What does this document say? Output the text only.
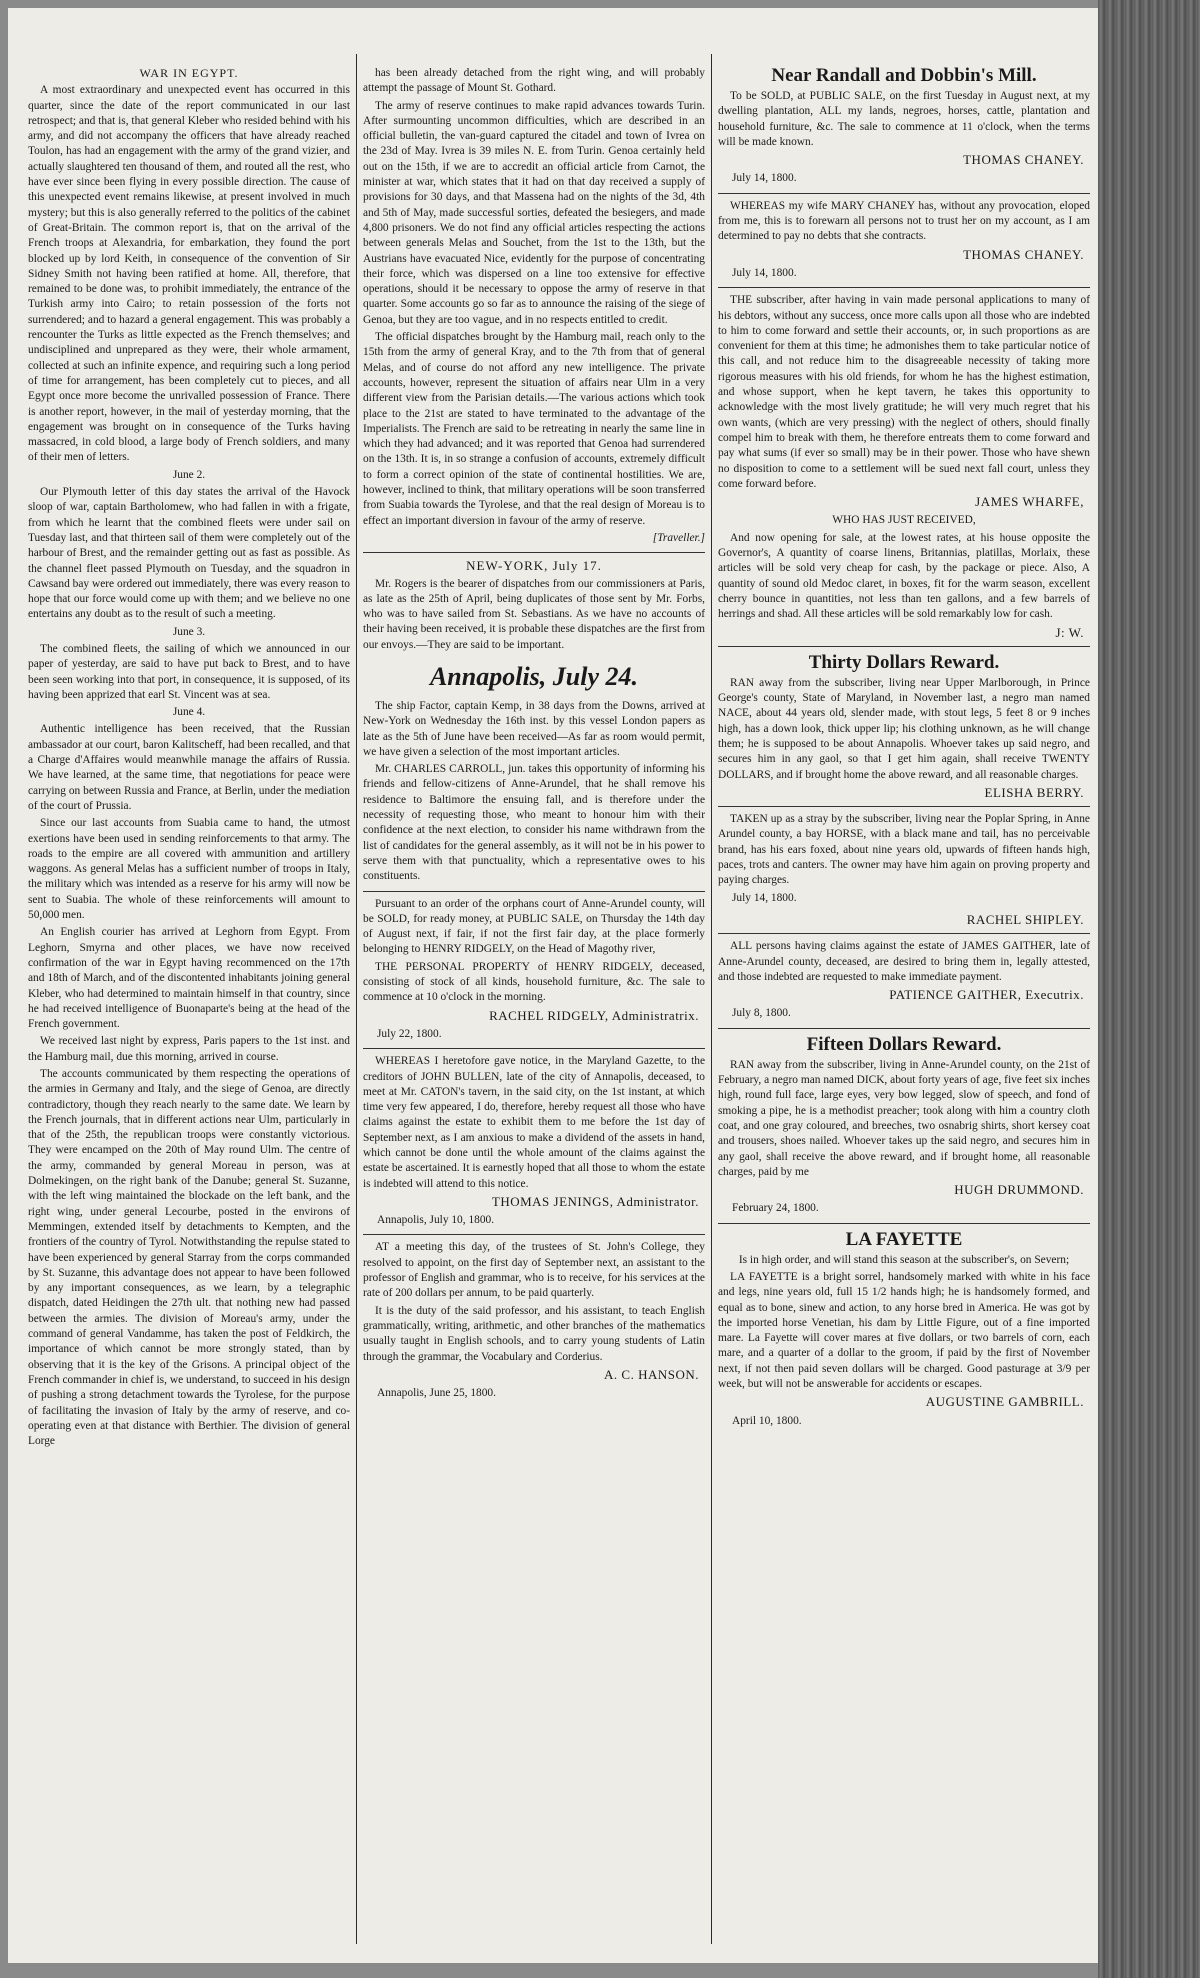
WAR IN EGYPT.

A most extraordinary and unexpected event has occurred in this quarter, since the date of the report communicated in our last retrospect; and that is, that general Kleber who resided behind with his army, and did not accompany the officers that have already reached Toulon, has had an engagement with the army of the grand vizier, and actually slaughtered ten thousand of them, and routed all the rest, who have ever since been flying in every possible direction. The cause of this unexpected event remains likewise, at present involved in much mystery; but this is also generally referred to the politics of the cabinet of Great-Britain. The common report is, that on the arrival of the French troops at Alexandria, for embarkation, they found the port blocked up by lord Keith, in consequence of the convention of Sir Sidney Smith not having been ratified at home. All, therefore, that remained to be done was, to prohibit immediately, the entrance of the Turkish army into Cairo; to retain possession of the forts not surrendered; and to hazard a general engagement. This was probably a rencounter the Turks as little expected as the French themselves; and undisciplined and unprepared as they were, their whole armament, collected at such an infinite expence, and requiring such a long period of time for arrangement, has been completely cut to pieces, and all Egypt once more become the unrivalled possession of France. There is another report, however, in the mail of yesterday morning, that the engagement was brought on in consequence of the Turks having massacred, in cold blood, a large body of French soldiers, and many of their men of letters.

June 2.

Our Plymouth letter of this day states the arrival of the Havock sloop of war, captain Bartholomew, who had fallen in with a frigate, from which he learnt that the combined fleets were under sail on Tuesday last, and that thirteen sail of them were completely out of the harbour of Brest, and the remainder getting out as fast as possible. As the channel fleet passed Plymouth on Tuesday, and the squadron in Cawsand bay were ordered out immediately, there was every reason to hope that our force would come up with them; and we believe no one entertains any doubt as to the result of such a meeting.

June 3.

The combined fleets, the sailing of which we announced in our paper of yesterday, are said to have put back to Brest, and to have been seen working into that port, in consequence, it is supposed, of its having been apprized that earl St. Vincent was at sea.

June 4.

Authentic intelligence has been received, that the Russian ambassador at our court, baron Kalitscheff, had been recalled, and that a Charge d'Affaires would meanwhile manage the affairs of Russia. We have learned, at the same time, that negotiations for peace were carrying on between Russia and France, at Berlin, under the mediation of the court of Prussia.

Since our last accounts from Suabia came to hand, the utmost exertions have been used in sending reinforcements to that army. The roads to the empire are all covered with ammunition and artillery waggons. As general Melas has a sufficient number of troops in Italy, the military which was intended as a reserve for his army will now be sent to Suabia. The whole of these reinforcements will amount to 50,000 men.

An English courier has arrived at Leghorn from Egypt. From Leghorn, Smyrna and other places, we have now received confirmation of the war in Egypt having recommenced on the 17th and 18th of March, and of the discontented inhabitants joining general Kleber, who had determined to maintain himself in that country, since he had received intelligence of Buonaparte's being at the head of the French government.

We received last night by express, Paris papers to the 1st inst. and the Hamburg mail, due this morning, arrived in course.

The accounts communicated by them respecting the operations of the armies in Germany and Italy, and the siege of Genoa, are directly contradictory, though they reach nearly to the same date. We learn by the French journals, that in different actions near Ulm, particularly in that of the 25th, the republican troops were constantly victorious. They were encamped on the 20th of May round Ulm. The centre of the army, commanded by general Moreau in person, was at Dolmekingen, on the right bank of the Danube; general St. Suzanne, with the left wing maintained the blockade on the left bank, and the right wing, under general Lecourbe, posted in the environs of Memmingen, extended itself by detachments to Kempten, and the frontiers of the country of Tyrol. Notwithstanding the repulse stated to have been experienced by general Starray from the corps commanded by St. Suzanne, this advantage does not appear to have been followed by any important consequences, as we learn, by a telegraphic dispatch, dated Heidingen the 27th ult. that nothing new had passed between the armies. The division of Moreau's army, under the command of general Vandamme, has taken the post of Feldkirch, the importance of which cannot be more strongly stated, than by observing that it is the key of the Grisons. A principal object of the French commander in chief is, we understand, to succeed in his design of pushing a strong detachment towards the Tyrolese, for the purpose of facilitating the invasion of Italy by the army of reserve, and co-operating even at that distance with Berthier. The division of general Lorge

has been already detached from the right wing, and will probably attempt the passage of Mount St. Gothard.

The army of reserve continues to make rapid advances towards Turin. After surmounting uncommon difficulties, which are described in an official bulletin, the van-guard captured the citadel and town of Ivrea on the 23d of May. Ivrea is 39 miles N. E. from Turin. Genoa certainly held out on the 15th, if we are to accredit an official article from Carnot, the minister at war, which states that it had on that day received a supply of provisions for 30 days, and that Massena had on the nights of the 3d, 4th and 5th of May, made successful sorties, defeated the besiegers, and made 4,800 prisoners. We do not find any official articles respecting the actions between generals Melas and Souchet, from the 1st to the 13th, but the Austrians have evacuated Nice, evidently for the purpose of concentrating their force, which was dispersed on a line too extensive for effective operations, should it be necessary to oppose the army of reserve in that quarter. Some accounts go so far as to announce the raising of the siege of Genoa, but they are too vague, and in no respects entitled to credit.

The official dispatches brought by the Hamburg mail, reach only to the 15th from the army of general Kray, and to the 7th from that of general Melas, and of course do not afford any new intelligence. The private accounts, however, represent the situation of affairs near Ulm in a very different view from the Parisian details.—The various actions which took place to the 21st are stated to have terminated to the advantage of the Imperialists. The French are said to be retreating in nearly the same line in which they had advanced; and it was reported that Genoa had surrendered on the 13th. It is, in so strange a confusion of accounts, extremely difficult to form a correct opinion of the state of continental hostilities. We are, however, inclined to think, that military operations will be soon transferred from Suabia towards the Tyrolese, and that the real design of Moreau is to effect an important diversion in favour of the army of reserve.

[Traveller.]

NEW-YORK, July 17.

Mr. Rogers is the bearer of dispatches from our commissioners at Paris, as late as the 25th of April, being duplicates of those sent by Mr. Forbs, who was to have sailed from St. Sebastians. As we have no accounts of their having been received, it is probable these dispatches are the first from our envoys.—They are said to be important.

Annapolis, July 24.

The ship Factor, captain Kemp, in 38 days from the Downs, arrived at New-York on Wednesday the 16th inst. by this vessel London papers as late as the 5th of June have been received—As far as room would permit, we have given a selection of the most important articles.

Mr. CHARLES CARROLL, jun. takes this opportunity of informing his friends and fellow-citizens of Anne-Arundel, that he shall remove his residence to Baltimore the ensuing fall, and is therefore under the necessity of requesting those, who meant to honour him with their confidence at the next election, to consider his name withdrawn from the list of candidates for the general assembly, as it will not be in his power to serve them with that punctuality, which a representative owes to his constituents.

Pursuant to an order of the orphans court of Anne-Arundel county, will be SOLD, for ready money, at PUBLIC SALE, on Thursday the 14th day of August next, if fair, if not the first fair day, at the place formerly belonging to HENRY RIDGELY, on the Head of Magothy river,

THE PERSONAL PROPERTY of HENRY RIDGELY, deceased, consisting of stock of all kinds, household furniture, &c. The sale to commence at 10 o'clock in the morning.

RACHEL RIDGELY, Administratrix.

July 22, 1800.

WHEREAS I heretofore gave notice, in the Maryland Gazette, to the creditors of JOHN BULLEN, late of the city of Annapolis, deceased, to meet at Mr. CATON's tavern, in the said city, on the 1st instant, at which time very few appeared, I do, therefore, hereby request all those who have claims against the estate to exhibit them to me before the 1st day of September next, as I am anxious to make a dividend of the assets in hand, which cannot be done until the whole amount of the claims against the estate be ascertained. It is earnestly hoped that all those to whom the estate is indebted will attend to this notice.

THOMAS JENINGS, Administrator.

Annapolis, July 10, 1800.

AT a meeting this day, of the trustees of St. John's College, they resolved to appoint, on the first day of September next, an assistant to the professor of English and grammar, who is to receive, for his services at the rate of 200 dollars per annum, to be paid quarterly.

It is the duty of the said professor, and his assistant, to teach English grammatically, writing, arithmetic, and other branches of the mathematics usually taught in English schools, and to carry young students of Latin through the grammar, the Vocabulary and Corderius.

A. C. HANSON.

Annapolis, June 25, 1800.

Near Randall and Dobbin's Mill.

To be SOLD, at PUBLIC SALE, on the first Tuesday in August next, at my dwelling plantation, ALL my lands, negroes, horses, cattle, plantation and household furniture, &c. The sale to commence at 11 o'clock, when the terms will be made known.

THOMAS CHANEY.

July 14, 1800.

WHEREAS my wife MARY CHANEY has, without any provocation, eloped from me, this is to forewarn all persons not to trust her on my account, as I am determined to pay no debts that she contracts.

THOMAS CHANEY.

July 14, 1800.

THE subscriber, after having in vain made personal applications to many of his debtors, without any success, once more calls upon all those who are indebted to him to come forward and settle their accounts, or, in such proportions as are convenient for them at this time; he admonishes them to take particular notice of this call, and not reduce him to the disagreeable necessity of taking more rigorous measures with his old friends, for whom he has the highest estimation, and whose support, when he kept tavern, he takes this opportunity to acknowledge with the most lively gratitude; he will very much regret that his own wants, (which are very pressing) with the neglect of others, should finally compel him to break with them, he therefore entreats them to come forward and pay what sums (if ever so small) may be in their power. Those who have shewn no disposition to come to a settlement will be sued next fall court, unless they come forward before.

JAMES WHARFE,

WHO HAS JUST RECEIVED,

And now opening for sale, at the lowest rates, at his house opposite the Governor's, A quantity of coarse linens, Britannias, platillas, Morlaix, these articles will be sold very cheap for cash, by the package or piece. Also, A quantity of sound old Medoc claret, in boxes, fit for the warm season, excellent cherry bounce in quantities, not less than ten gallons, and a few barrels of herrings and shad. All these articles will be sold remarkably low for cash.

J: W.

Thirty Dollars Reward.

RAN away from the subscriber, living near Upper Marlborough, in Prince George's county, State of Maryland, in November last, a negro man named NACE, about 44 years old, slender made, with stout legs, 5 feet 8 or 9 inches high, has a down look, thick upper lip; his clothing unknown, as he will change them; he is supposed to be about Annapolis. Whoever takes up said negro, and secures him in any gaol, so that I get him again, shall receive TWENTY DOLLARS, and if brought home the above reward, and all reasonable charges.

ELISHA BERRY.

TAKEN up as a stray by the subscriber, living near the Poplar Spring, in Anne Arundel county, a bay HORSE, with a black mane and tail, has no perceivable brand, has his ears foxed, about nine years old, upwards of fifteen hands high, paces, trots and canters. The owner may have him again on proving property and paying charges.

July 14, 1800.

RACHEL SHIPLEY.

ALL persons having claims against the estate of JAMES GAITHER, late of Anne-Arundel county, deceased, are desired to bring them in, legally attested, and those indebted are requested to make immediate payment.

PATIENCE GAITHER, Executrix.

July 8, 1800.

Fifteen Dollars Reward.

RAN away from the subscriber, living in Anne-Arundel county, on the 21st of February, a negro man named DICK, about forty years of age, five feet six inches high, round full face, large eyes, very bow legged, slow of speech, and fond of smoking a pipe, he is a methodist preacher; took along with him a country cloth coat, and one gray coloured, and breeches, two osnabrig shirts, short kersey coat and trousers, shoes nailed. Whoever takes up the said negro, and secures him in any gaol, shall receive the above reward, and if brought home, all reasonable charges, paid by me

HUGH DRUMMOND.

February 24, 1800.

LA FAYETTE

Is in high order, and will stand this season at the subscriber's, on Severn;

LA FAYETTE is a bright sorrel, handsomely marked with white in his face and legs, nine years old, full 15 1/2 hands high; he is handsomely formed, and equal as to bone, sinew and action, to any horse bred in America. He was got by the imported horse Venetian, his dam by Little Figure, out of a fine imported mare. La Fayette will cover mares at five dollars, or two barrels of corn, each mare, and a quarter of a dollar to the groom, if paid by the first of November next, if not then paid seven dollars will be charged. Good pasturage at 3/9 per week, but will not be answerable for accidents or escapes.

AUGUSTINE GAMBRILL.

April 10, 1800.
